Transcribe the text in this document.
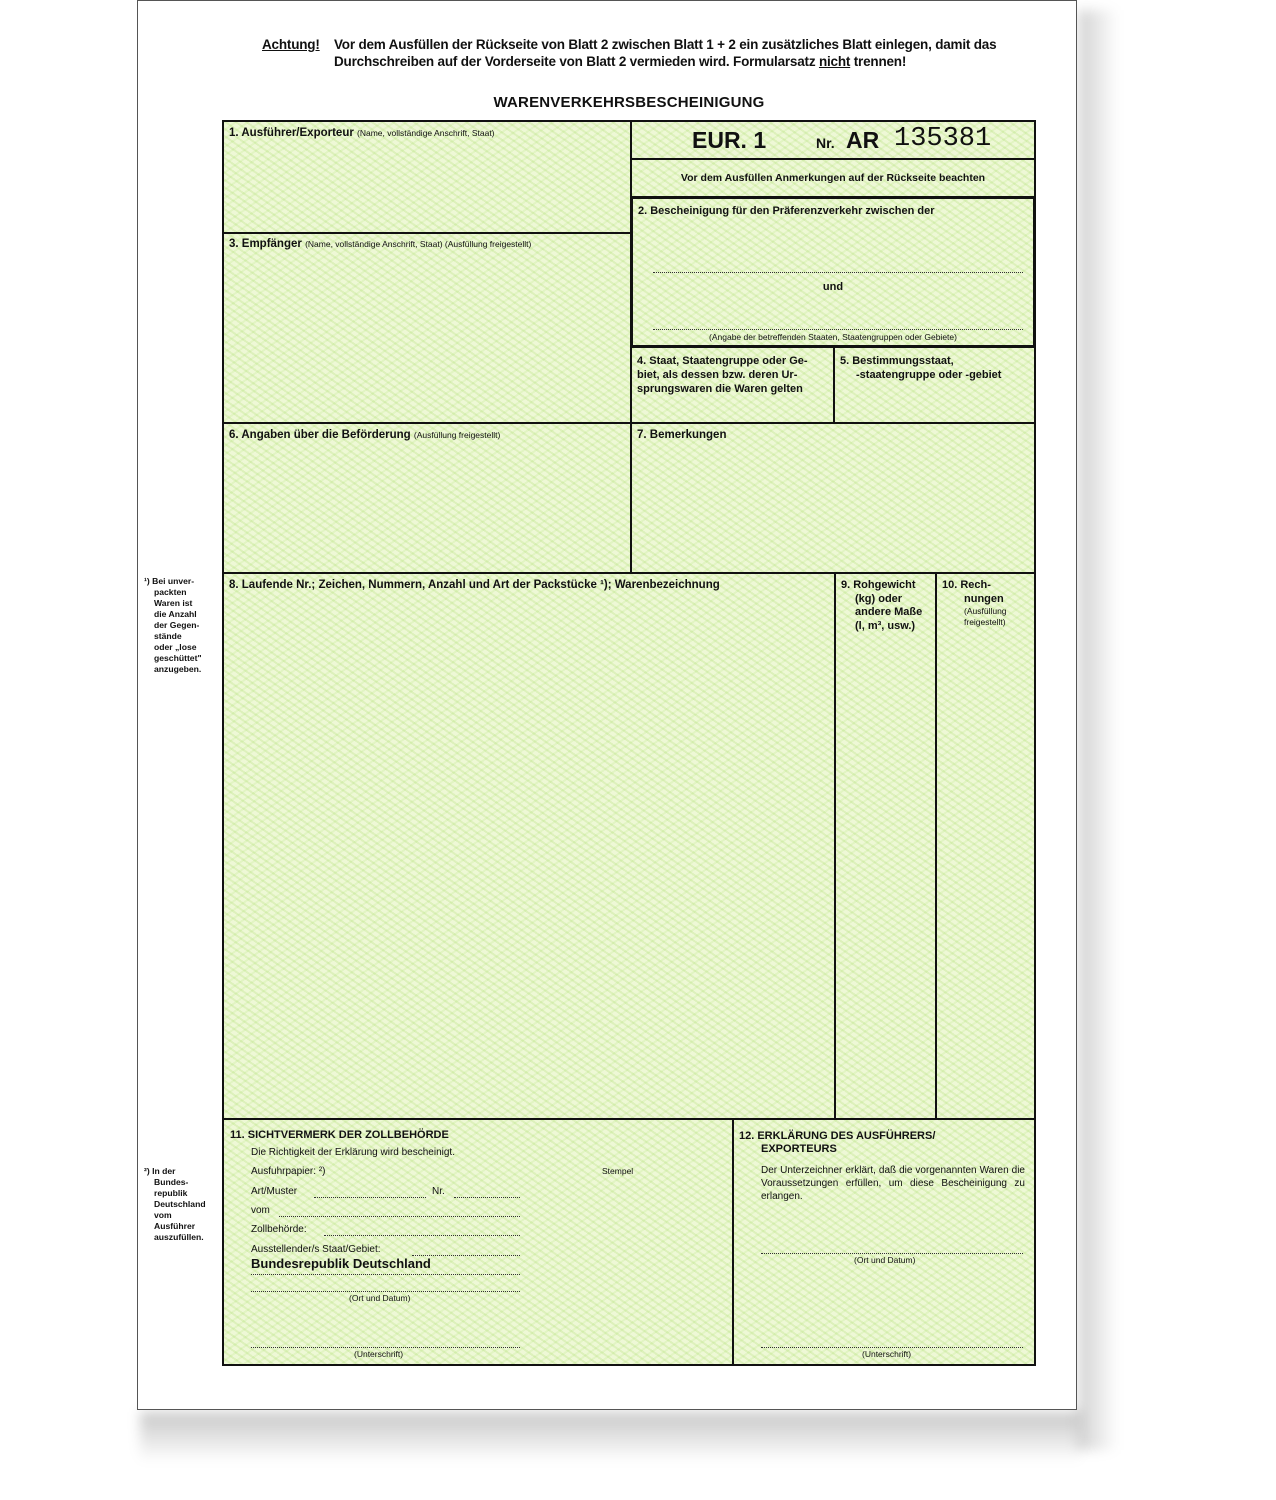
Achtung! Vor dem Ausfüllen der Rückseite von Blatt 2 zwischen Blatt 1 + 2 ein zusätzliches Blatt einlegen, damit das Durchschreiben auf der Vorderseite von Blatt 2 vermieden wird. Formularsatz nicht trennen!
WARENVERKEHRSBESCHEINIGUNG
1. Ausführer/Exporteur (Name, vollständige Anschrift, Staat)	EUR. 1	Nr. AR 135381
Vor dem Ausfüllen Anmerkungen auf der Rückseite beachten
2. Bescheinigung für den Präferenzverkehr zwischen der
und
(Angabe der betreffenden Staaten, Staatengruppen oder Gebiete)
3. Empfänger (Name, vollständige Anschrift, Staat) (Ausfüllung freigestellt)
4. Staat, Staatengruppe oder Ge-
biet, als dessen bzw. deren Ur-
sprungswaren die Waren gelten
5. Bestimmungsstaat,
-staatengruppe oder -gebiet
6. Angaben über die Beförderung (Ausfüllung freigestellt)	7. Bemerkungen
8. Laufende Nr.; Zeichen, Nummern, Anzahl und Art der Packstücke ¹); Warenbezeichnung	9. Rohgewicht
(kg) oder
andere Maße
(l, m³, usw.)
10. Rech-
nungen
(Ausfüllung
freigestellt)
11. SICHTVERMERK DER ZOLLBEHÖRDE
Die Richtigkeit der Erklärung wird bescheinigt.
Ausfuhrpapier: ²)	Stempel
Art/Muster	Nr.
vom
Zollbehörde:
Ausstellender/s Staat/Gebiet:
Bundesrepublik Deutschland
(Ort und Datum)
(Unterschrift)
12. ERKLÄRUNG DES AUSFÜHRERS/
EXPORTEURS
Der Unterzeichner erklärt, daß die vorgenannten Waren die Voraussetzungen erfüllen, um diese Bescheinigung zu erlangen.
(Ort und Datum)
(Unterschrift)
¹) Bei unver-
packten
Waren ist
die Anzahl
der Gegen-
stände
oder „lose
geschüttet"
anzugeben.
²) In der
Bundes-
republik
Deutschland
vom
Ausführer
auszufüllen.
